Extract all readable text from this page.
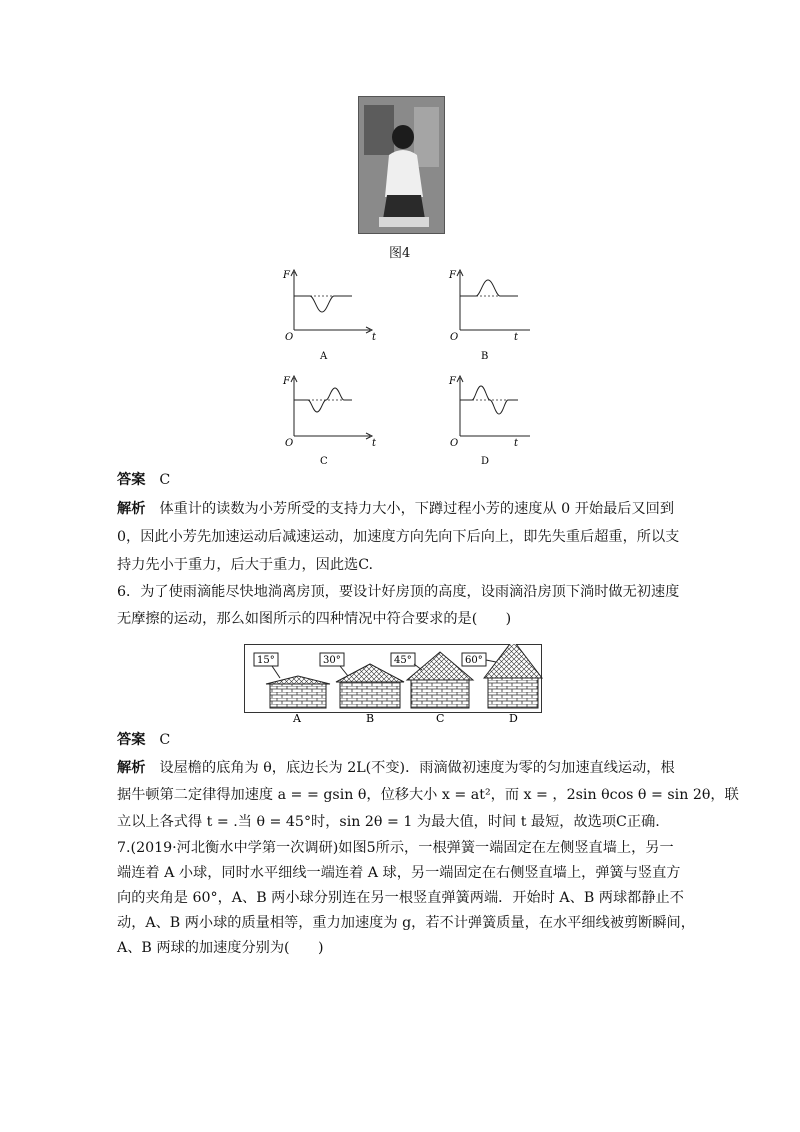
图4
F
t
O
A
F
t
O
B
F
t
O
C
F
t
O
D
答案 C
解析 体重计的读数为小芳所受的支持力大小，下蹲过程小芳的速度从 0 开始最后又回到
0，因此小芳先加速运动后减速运动，加速度方向先向下后向上，即先失重后超重，所以支
持力先小于重力，后大于重力，因此选C.
6．为了使雨滴能尽快地淌离房顶，要设计好房顶的高度，设雨滴沿房顶下淌时做无初速度
无摩擦的运动，那么如图所示的四种情况中符合要求的是(　　)
15°
A
30°
B
45°
C
60°
D
答案 C
解析 设屋檐的底角为 θ，底边长为 2L(不变)．雨滴做初速度为零的匀加速直线运动，根
据牛顿第二定律得加速度 a = = gsin θ，位移大小 x = at²，而 x = ，2sin θcos θ = sin 2θ，联
立以上各式得 t = .当 θ = 45°时，sin 2θ = 1 为最大值，时间 t 最短，故选项C正确.
7.(2019·河北衡水中学第一次调研)如图5所示，一根弹簧一端固定在左侧竖直墙上，另一
端连着 A 小球，同时水平细线一端连着 A 球，另一端固定在右侧竖直墙上，弹簧与竖直方
向的夹角是 60°，A、B 两小球分别连在另一根竖直弹簧两端．开始时 A、B 两球都静止不
动，A、B 两小球的质量相等，重力加速度为 g，若不计弹簧质量，在水平细线被剪断瞬间，
A、B 两球的加速度分别为(　　)
